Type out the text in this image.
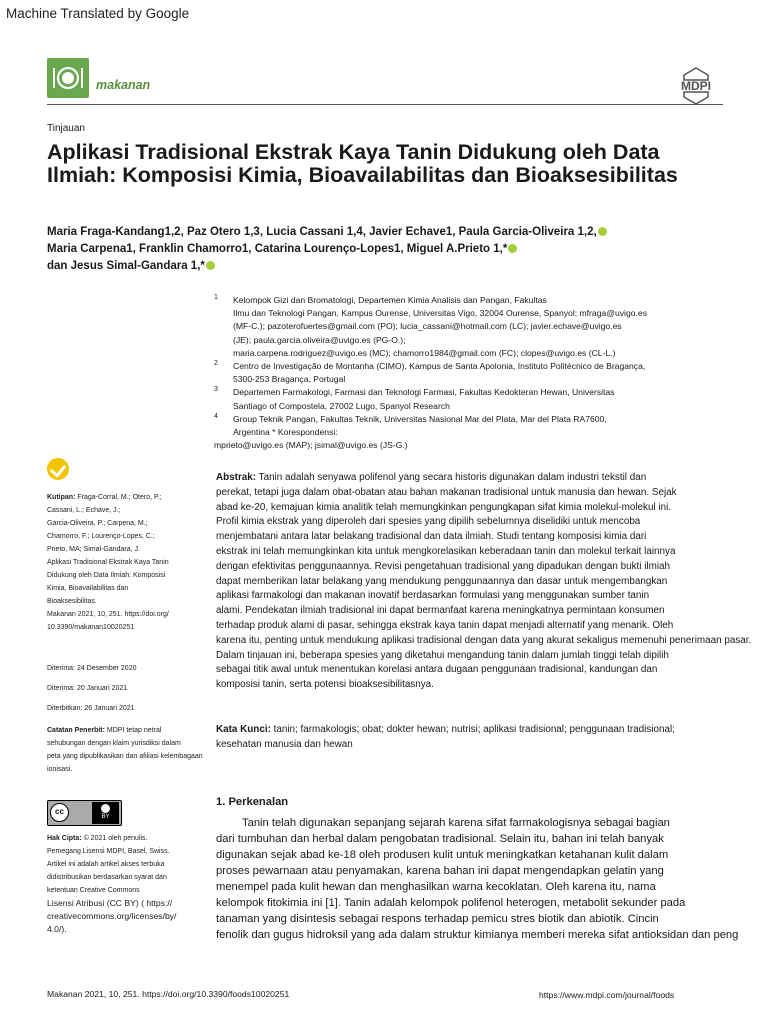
Machine Translated by Google
makanan	MDPI
Tinjauan
Aplikasi Tradisional Ekstrak Kaya Tanin Didukung oleh Data Ilmiah: Komposisi Kimia, Bioavailabilitas dan Bioaksesibilitas
Maria Fraga-Kandang1,2, Paz Otero 1,3, Lucia Cassani 1,4, Javier Echave1, Paula Garcia-Oliveira 1,2,
Maria Carpena1, Franklin Chamorro1, Catarina Lourenço-Lopes1, Miguel A.Prieto 1,*
dan Jesus Simal-Gandara 1,*
1 Kelompok Gizi dan Bromatologi, Departemen Kimia Analisis dan Pangan, Fakultas
Ilmu dan Teknologi Pangan, Kampus Ourense, Universitas Vigo, 32004 Ourense, Spanyol; mfraga@uvigo.es
(MF-C.); pazoterofuertes@gmail.com (PO); lucia_cassani@hotmail.com (LC); javier.echave@uvigo.es
(JE); paula.garcia.oliveira@uvigo.es (PG-O.);
maria.carpena.rodriguez@uvigo.es (MC); chamorro1984@gmail.com (FC); clopes@uvigo.es (CL-L.)
2 Centro de Investigação de Montanha (CIMO), Kampus de Santa Apolonia, Instituto Politécnico de Bragança,
5300-253 Bragança, Portugal
3 Departemen Farmakologi, Farmasi dan Teknologi Farmasi, Fakultas Kedokteran Hewan, Universitas
Santiago of Compostela, 27002 Lugo, Spanyol Research
4 Group Teknik Pangan, Fakultas Teknik, Universitas Nasional Mar del Plata, Mar del Plata RA7600,
Argentina * Korespondensi:
mprieto@uvigo.es (MAP); jsimal@uvigo.es (JS-G.)
Kutipan: Fraga-Corral, M.; Otero, P.;
Cassani, L.; Echave, J.;
Garcia-Oliveira, P.; Carpena, M.;
Chamorro, F.; Lourenço-Lopes, C.;
Prieto, MA; Simal-Gandara, J.
Aplikasi Tradisional Ekstrak Kaya Tanin
Didukung oleh Data Ilmiah: Komposisi
Kimia, Bioavailabilitas dan
Bioaksesibilitas.
Makanan 2021, 10, 251. https://doi.org/
10.3390/makanan10020251
Diterima: 24 Desember 2020
Diterima: 20 Januari 2021
Diterbitkan: 26 Januari 2021
Catatan Penerbit: MDPI tetap netral
sehubungan dengan klaim yurisdiksi dalam
peta yang dipublikasikan dan afiliasi kelembagaan
ionisasi.
cc
BY
Hak Cipta: © 2021 oleh penulis.
Pemegang Lisensi MDPI, Basel, Swiss.
Artikel ini adalah artikel akses terbuka
didistribusikan berdasarkan syarat dan
ketentuan Creative Commons
Lisensi Atribusi (CC BY) ( https://
creativecommons.org/licenses/by/
4.0/).
Abstrak: Tanin adalah senyawa polifenol yang secara historis digunakan dalam industri tekstil dan
perekat, tetapi juga dalam obat-obatan atau bahan makanan tradisional untuk manusia dan hewan. Sejak
abad ke-20, kemajuan kimia analitik telah memungkinkan pengungkapan sifat kimia molekul-molekul ini.
Profil kimia ekstrak yang diperoleh dari spesies yang dipilih sebelumnya diselidiki untuk mencoba
menjembatani antara latar belakang tradisional dan data ilmiah. Studi tentang komposisi kimia dari
ekstrak ini telah memungkinkan kita untuk mengkorelasikan keberadaan tanin dan molekul terkait lainnya
dengan efektivitas penggunaannya. Revisi pengetahuan tradisional yang dipadukan dengan bukti ilmiah
dapat memberikan latar belakang yang mendukung penggunaannya dan dasar untuk mengembangkan
aplikasi farmakologi dan makanan inovatif berdasarkan formulasi yang menggunakan sumber tanin
alami. Pendekatan ilmiah tradisional ini dapat bermanfaat karena meningkatnya permintaan konsumen
terhadap produk alami di pasar, sehingga ekstrak kaya tanin dapat menjadi alternatif yang menarik. Oleh
karena itu, penting untuk mendukung aplikasi tradisional dengan data yang akurat sekaligus memenuhi penerimaan pasar.
Dalam tinjauan ini, beberapa spesies yang diketahui mengandung tanin dalam jumlah tinggi telah dipilih
sebagai titik awal untuk menentukan korelasi antara dugaan penggunaan tradisional, kandungan dan
komposisi tanin, serta potensi bioaksesibilitasnya.
Kata Kunci: tanin; farmakologis; obat; dokter hewan; nutrisi; aplikasi tradisional; penggunaan tradisional;
kesehatan manusia dan hewan
1. Perkenalan
Tanin telah digunakan sepanjang sejarah karena sifat farmakologisnya sebagai bagian
dari tumbuhan dan herbal dalam pengobatan tradisional. Selain itu, bahan ini telah banyak
digunakan sejak abad ke-18 oleh produsen kulit untuk meningkatkan ketahanan kulit dalam
proses pewarnaan atau penyamakan, karena bahan ini dapat mengendapkan gelatin yang
menempel pada kulit hewan dan menghasilkan warna kecoklatan. Oleh karena itu, nama
kelompok fitokimia ini [1]. Tanin adalah kelompok polifenol heterogen, metabolit sekunder pada
tanaman yang disintesis sebagai respons terhadap pemicu stres biotik dan abiotik. Cincin
fenolik dan gugus hidroksil yang ada dalam struktur kimianya memberi mereka sifat antioksidan dan peng
Makanan 2021, 10, 251. https://doi.org/10.3390/foods10020251	https://www.mdpi.com/journal/foods
